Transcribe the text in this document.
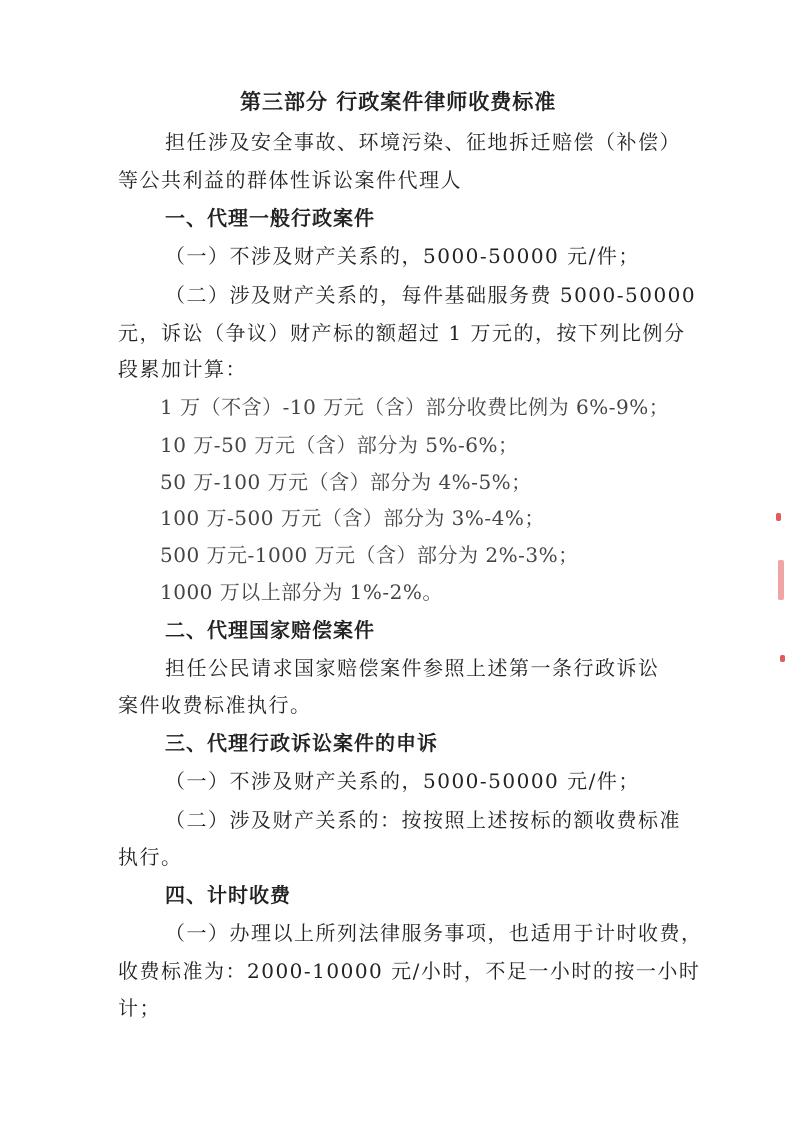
第三部分 行政案件律师收费标准
担任涉及安全事故、环境污染、征地拆迁赔偿（补偿）
等公共利益的群体性诉讼案件代理人
一、代理一般行政案件
（一）不涉及财产关系的，5000-50000 元/件；
（二）涉及财产关系的，每件基础服务费 5000-50000
元，诉讼（争议）财产标的额超过 1 万元的，按下列比例分
段累加计算：
1 万（不含）-10 万元（含）部分收费比例为 6%-9%；
10 万-50 万元（含）部分为 5%-6%；
50 万-100 万元（含）部分为 4%-5%；
100 万-500 万元（含）部分为 3%-4%；
500 万元-1000 万元（含）部分为 2%-3%；
1000 万以上部分为 1%-2%。
二、代理国家赔偿案件
担任公民请求国家赔偿案件参照上述第一条行政诉讼
案件收费标准执行。
三、代理行政诉讼案件的申诉
（一）不涉及财产关系的，5000-50000 元/件；
（二）涉及财产关系的：按按照上述按标的额收费标准
执行。
四、计时收费
（一）办理以上所列法律服务事项，也适用于计时收费，
收费标准为：2000-10000 元/小时，不足一小时的按一小时
计；
